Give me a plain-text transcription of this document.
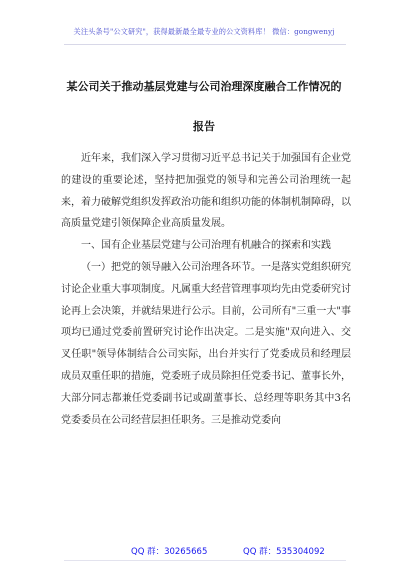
关注头条号"公文研究"，获得最新最全最专业的公文资料库！ 微信：gongwenyj
某公司关于推动基层党建与公司治理深度融合工作情况的
报告

近年来，我们深入学习贯彻习近平总书记关于加强国有企业党的建设的重要论述，坚持把加强党的领导和完善公司治理统一起来，着力破解党组织发挥政治功能和组织功能的体制机制障碍，以高质量党建引领保障企业高质量发展。

一、国有企业基层党建与公司治理有机融合的探索和实践

（一）把党的领导融入公司治理各环节。一是落实党组织研究讨论企业重大事项制度。凡属重大经营管理事项均先由党委研究讨论再上会决策，并就结果进行公示。目前，公司所有"三重一大"事项均已通过党委前置研究讨论作出决定。二是实施"双向进入、交叉任职"领导体制结合公司实际，出台并实行了党委成员和经理层成员双重任职的措施，党委班子成员除担任党委书记、董事长外，大部分同志都兼任党委副书记或副董事长、总经理等职务其中3名党委委员在公司经营层担任职务。三是推动党委向

QQ 群：30265665	QQ 群：535304092
